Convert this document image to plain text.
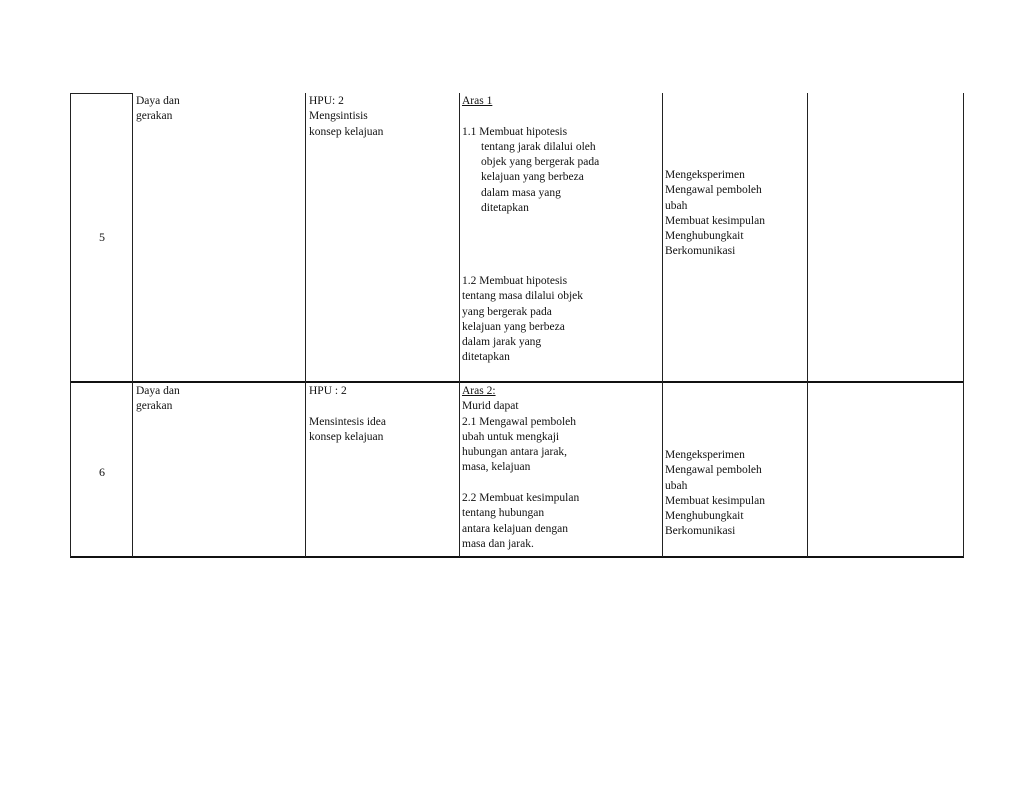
5
Daya dan
gerakan
HPU: 2
Mengsintisis
konsep kelajuan
Aras 1
1.1 Membuat hipotesis
tentang jarak dilalui oleh
objek yang bergerak pada
kelajuan yang berbeza
dalam masa yang
ditetapkan
1.2 Membuat hipotesis
tentang masa dilalui objek
yang bergerak pada
kelajuan yang berbeza
dalam jarak yang
ditetapkan
Mengeksperimen
Mengawal pemboleh
ubah
Membuat kesimpulan
Menghubungkait
Berkomunikasi
6
Daya dan
gerakan
HPU : 2
Mensintesis idea
konsep kelajuan
Aras 2:
Murid dapat
2.1 Mengawal pemboleh
ubah untuk mengkaji
hubungan antara jarak,
masa, kelajuan
2.2 Membuat kesimpulan
tentang hubungan
antara kelajuan dengan
masa dan jarak.
Mengeksperimen
Mengawal pemboleh
ubah
Membuat kesimpulan
Menghubungkait
Berkomunikasi
